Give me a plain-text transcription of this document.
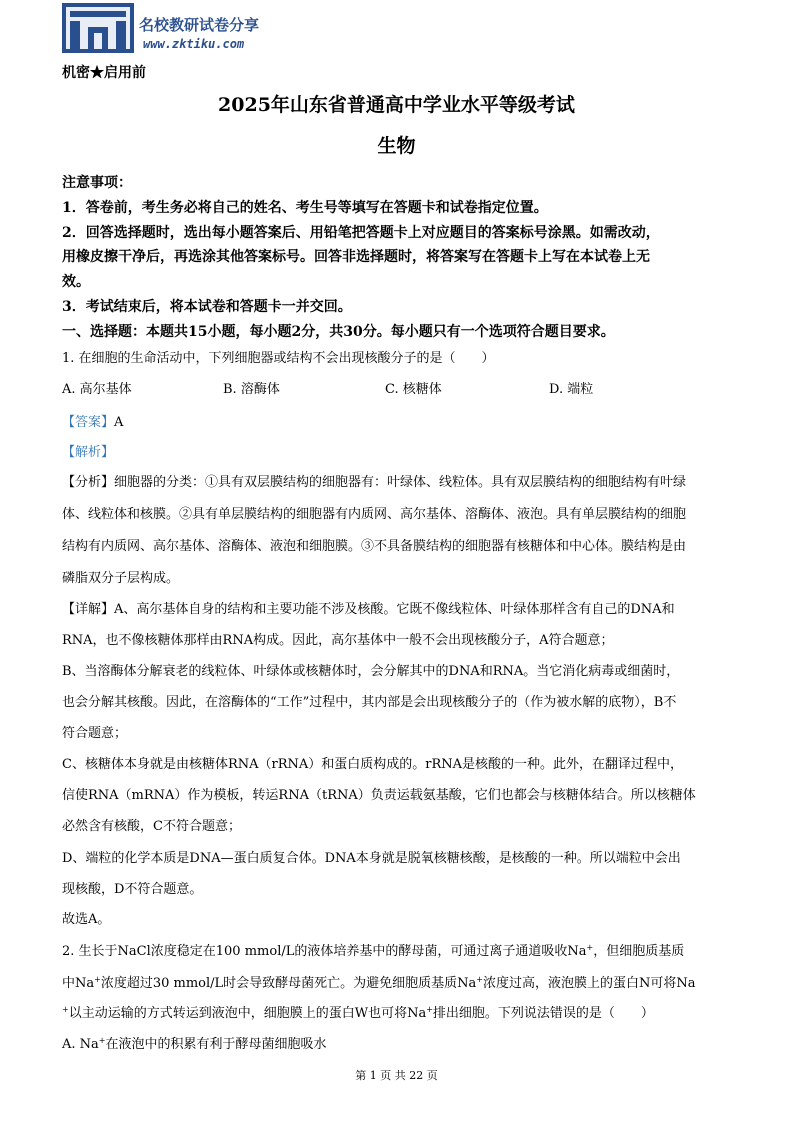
名校教研试卷分享
www.zktiku.com
机密★启用前
2025年山东省普通高中学业水平等级考试
生物
注意事项：
1．答卷前，考生务必将自己的姓名、考生号等填写在答题卡和试卷指定位置。
2．回答选择题时，选出每小题答案后、用铅笔把答题卡上对应题目的答案标号涂黑。如需改动，
用橡皮擦干净后，再选涂其他答案标号。回答非选择题时，将答案写在答题卡上写在本试卷上无
效。
3．考试结束后，将本试卷和答题卡一并交回。
一、选择题：本题共15小题，每小题2分，共30分。每小题只有一个选项符合题目要求。
1. 在细胞的生命活动中，下列细胞器或结构不会出现核酸分子的是（　　）
A. 高尔基体	B. 溶酶体	C. 核糖体	D. 端粒
【答案】A
【解析】
【分析】细胞器的分类：①具有双层膜结构的细胞器有：叶绿体、线粒体。具有双层膜结构的细胞结构有叶绿
体、线粒体和核膜。②具有单层膜结构的细胞器有内质网、高尔基体、溶酶体、液泡。具有单层膜结构的细胞
结构有内质网、高尔基体、溶酶体、液泡和细胞膜。③不具备膜结构的细胞器有核糖体和中心体。膜结构是由
磷脂双分子层构成。
【详解】A、高尔基体自身的结构和主要功能不涉及核酸。它既不像线粒体、叶绿体那样含有自己的DNA和
RNA，也不像核糖体那样由RNA构成。因此，高尔基体中一般不会出现核酸分子，A符合题意；
B、当溶酶体分解衰老的线粒体、叶绿体或核糖体时，会分解其中的DNA和RNA。当它消化病毒或细菌时，
也会分解其核酸。因此，在溶酶体的“工作”过程中，其内部是会出现核酸分子的（作为被水解的底物），B不
符合题意；
C、核糖体本身就是由核糖体RNA（rRNA）和蛋白质构成的。rRNA是核酸的一种。此外，在翻译过程中，
信使RNA（mRNA）作为模板，转运RNA（tRNA）负责运载氨基酸，它们也都会与核糖体结合。所以核糖体
必然含有核酸，C不符合题意；
D、端粒的化学本质是DNA—蛋白质复合体。DNA本身就是脱氧核糖核酸，是核酸的一种。所以端粒中会出
现核酸，D不符合题意。
故选A。
2. 生长于NaCl浓度稳定在100 mmol/L的液体培养基中的酵母菌，可通过离子通道吸收Na+，但细胞质基质
中Na+浓度超过30 mmol/L时会导致酵母菌死亡。为避免细胞质基质Na+浓度过高，液泡膜上的蛋白N可将Na
+以主动运输的方式转运到液泡中，细胞膜上的蛋白W也可将Na+排出细胞。下列说法错误的是（　　）
A. Na+在液泡中的积累有利于酵母菌细胞吸水
第 1 页 共 22 页
